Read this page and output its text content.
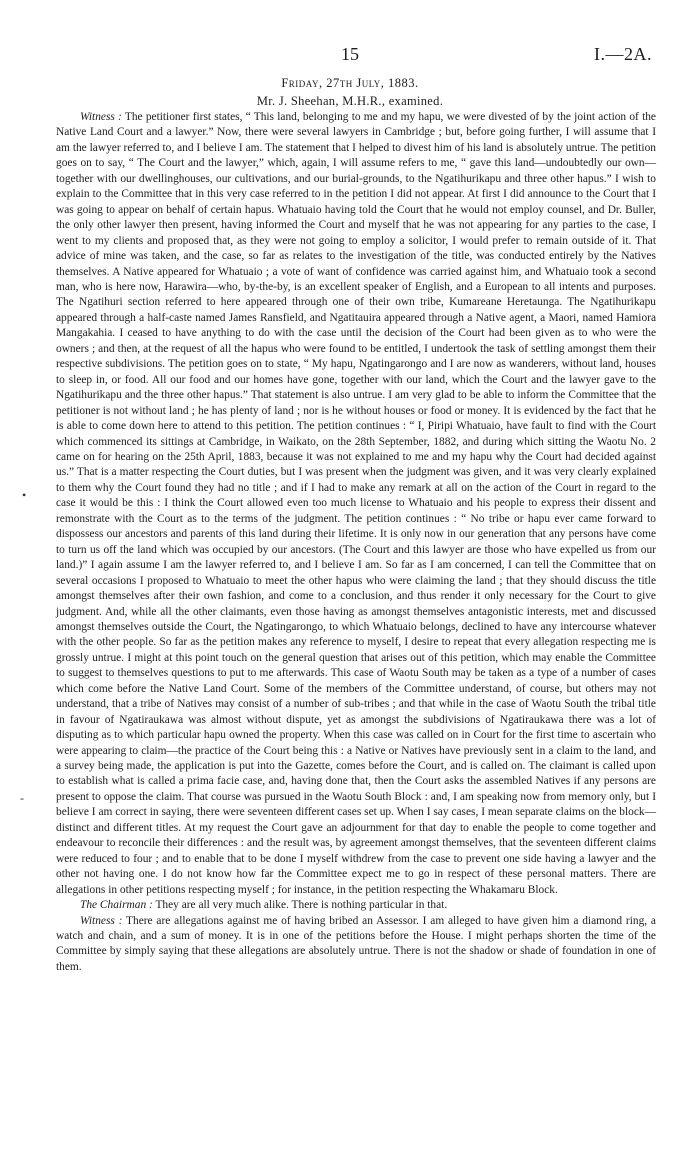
15	I.—2A.
Friday, 27th July, 1883.
Mr. J. Sheehan, M.H.R., examined.
•
-

Witness : The petitioner first states, “ This land, belonging to me and my hapu, we were divested of by the joint action of the Native Land Court and a lawyer.” Now, there were several lawyers in Cambridge ; but, before going further, I will assume that I am the lawyer referred to, and I believe I am. The statement that I helped to divest him of his land is absolutely untrue. The petition goes on to say, “ The Court and the lawyer,” which, again, I will assume refers to me, “ gave this land—undoubtedly our own—together with our dwellinghouses, our cultivations, and our burial-grounds, to the Ngatihurikapu and three other hapus.” I wish to explain to the Committee that in this very case referred to in the petition I did not appear. At first I did announce to the Court that I was going to appear on behalf of certain hapus. Whatuaio having told the Court that he would not employ counsel, and Dr. Buller, the only other lawyer then present, having informed the Court and myself that he was not appearing for any parties to the case, I went to my clients and proposed that, as they were not going to employ a solicitor, I would prefer to remain outside of it. That advice of mine was taken, and the case, so far as relates to the investigation of the title, was conducted entirely by the Natives themselves. A Native appeared for Whatuaio ; a vote of want of confidence was carried against him, and Whatuaio took a second man, who is here now, Harawira—who, by-the-by, is an excellent speaker of English, and a European to all intents and purposes. The Ngatihuri section referred to here appeared through one of their own tribe, Kumareane Heretaunga. The Ngatihurikapu appeared through a half-caste named James Ransfield, and Ngatitauira appeared through a Native agent, a Maori, named Hamiora Mangakahia. I ceased to have anything to do with the case until the decision of the Court had been given as to who were the owners ; and then, at the request of all the hapus who were found to be entitled, I undertook the task of settling amongst them their respective subdivisions. The petition goes on to state, “ My hapu, Ngatingarongo and I are now as wanderers, without land, houses to sleep in, or food. All our food and our homes have gone, together with our land, which the Court and the lawyer gave to the Ngatihurikapu and the three other hapus.” That statement is also untrue. I am very glad to be able to inform the Committee that the petitioner is not without land ; he has plenty of land ; nor is he without houses or food or money. It is evidenced by the fact that he is able to come down here to attend to this petition. The petition continues : “ I, Piripi Whatuaio, have fault to find with the Court which commenced its sittings at Cambridge, in Waikato, on the 28th September, 1882, and during which sitting the Waotu No. 2 came on for hearing on the 25th April, 1883, because it was not explained to me and my hapu why the Court had decided against us.” That is a matter respecting the Court duties, but I was present when the judgment was given, and it was very clearly explained to them why the Court found they had no title ; and if I had to make any remark at all on the action of the Court in regard to the case it would be this : I think the Court allowed even too much license to Whatuaio and his people to express their dissent and remonstrate with the Court as to the terms of the judgment. The petition continues : “ No tribe or hapu ever came forward to dispossess our ancestors and parents of this land during their lifetime. It is only now in our generation that any persons have come to turn us off the land which was occupied by our ancestors. (The Court and this lawyer are those who have expelled us from our land.)” I again assume I am the lawyer referred to, and I believe I am. So far as I am concerned, I can tell the Committee that on several occasions I proposed to Whatuaio to meet the other hapus who were claiming the land ; that they should discuss the title amongst themselves after their own fashion, and come to a conclusion, and thus render it only necessary for the Court to give judgment. And, while all the other claimants, even those having as amongst themselves antagonistic interests, met and discussed amongst themselves outside the Court, the Ngatingarongo, to which Whatuaio belongs, declined to have any intercourse whatever with the other people. So far as the petition makes any reference to myself, I desire to repeat that every allegation respecting me is grossly untrue. I might at this point touch on the general question that arises out of this petition, which may enable the Committee to suggest to themselves questions to put to me afterwards. This case of Waotu South may be taken as a type of a number of cases which come before the Native Land Court. Some of the members of the Committee understand, of course, but others may not understand, that a tribe of Natives may consist of a number of sub-tribes ; and that while in the case of Waotu South the tribal title in favour of Ngatiraukawa was almost without dispute, yet as amongst the subdivisions of Ngatiraukawa there was a lot of disputing as to which particular hapu owned the property. When this case was called on in Court for the first time to ascertain who were appearing to claim—the practice of the Court being this : a Native or Natives have previously sent in a claim to the land, and a survey being made, the application is put into the Gazette, comes before the Court, and is called on. The claimant is called upon to establish what is called a prima facie case, and, having done that, then the Court asks the assembled Natives if any persons are present to oppose the claim. That course was pursued in the Waotu South Block : and, I am speaking now from memory only, but I believe I am correct in saying, there were seventeen different cases set up. When I say cases, I mean separate claims on the block—distinct and different titles. At my request the Court gave an adjournment for that day to enable the people to come together and endeavour to reconcile their differences : and the result was, by agreement amongst themselves, that the seventeen different claims were reduced to four ; and to enable that to be done I myself withdrew from the case to prevent one side having a lawyer and the other not having one. I do not know how far the Committee expect me to go in respect of these personal matters. There are allegations in other petitions respecting myself ; for instance, in the petition respecting the Whakamaru Block.

The Chairman : They are all very much alike. There is nothing particular in that.

Witness : There are allegations against me of having bribed an Assessor. I am alleged to have given him a diamond ring, a watch and chain, and a sum of money. It is in one of the petitions before the House. I might perhaps shorten the time of the Committee by simply saying that these allegations are absolutely untrue. There is not the shadow or shade of foundation in one of them.
